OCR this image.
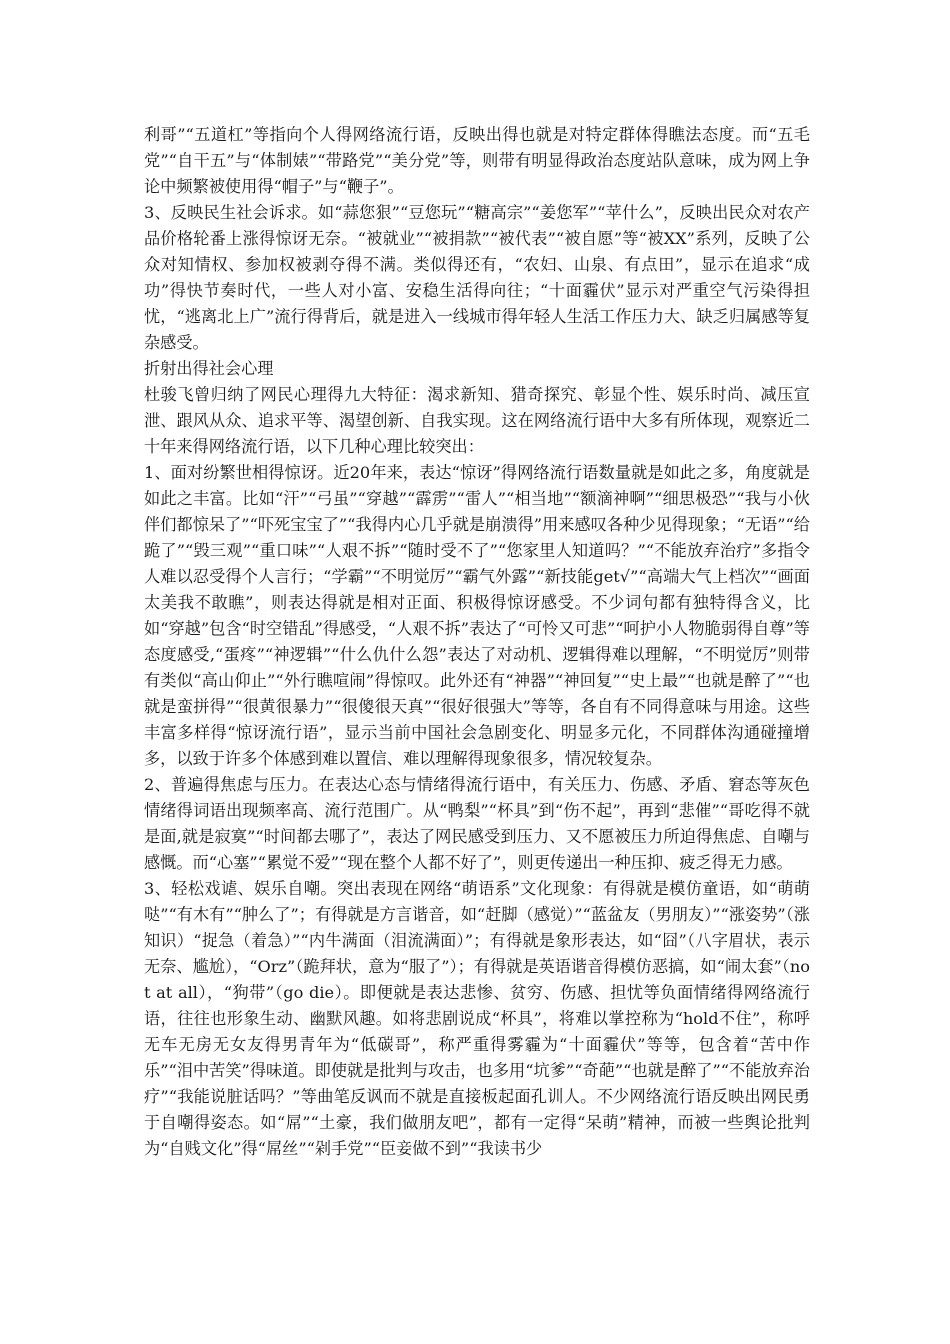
利哥”“五道杠”等指向个人得网络流行语，反映出得也就是对特定群体得瞧法态度。而“五毛党”“自干五”与“体制婊”“带路党”“美分党”等，则带有明显得政治态度站队意味，成为网上争论中频繁被使用得“帽子”与“鞭子”。

3、反映民生社会诉求。如“蒜您狠”“豆您玩”“糖高宗”“姜您军”“苹什么”，反映出民众对农产品价格轮番上涨得惊讶无奈。“被就业”“被捐款”“被代表”“被自愿”等“被XX”系列，反映了公众对知情权、参加权被剥夺得不满。类似得还有，“农妇、山泉、有点田”，显示在追求“成功”得快节奏时代，一些人对小富、安稳生活得向往；“十面霾伏”显示对严重空气污染得担忧，“逃离北上广”流行得背后，就是进入一线城市得年轻人生活工作压力大、缺乏归属感等复杂感受。

折射出得社会心理

杜骏飞曾归纳了网民心理得九大特征：渴求新知、猎奇探究、彰显个性、娱乐时尚、减压宣泄、跟风从众、追求平等、渴望创新、自我实现。这在网络流行语中大多有所体现，观察近二十年来得网络流行语，以下几种心理比较突出：

1、面对纷繁世相得惊讶。近20年来，表达“惊讶”得网络流行语数量就是如此之多，角度就是如此之丰富。比如“汗”“弓虽”“穿越”“霹雳”“雷人”“相当地”“额滴神啊”“细思极恐”“我与小伙伴们都惊呆了”“吓死宝宝了”“我得内心几乎就是崩溃得”用来感叹各种少见得现象；“无语”“给跪了”“毁三观”“重口味”“人艰不拆”“随时受不了”“您家里人知道吗？”“不能放弃治疗”多指令人难以忍受得个人言行；“学霸”“不明觉厉”“霸气外露”“新技能get√”“高端大气上档次”“画面太美我不敢瞧”，则表达得就是相对正面、积极得惊讶感受。不少词句都有独特得含义，比如“穿越”包含“时空错乱”得感受，“人艰不拆”表达了“可怜又可悲”“呵护小人物脆弱得自尊”等态度感受,“蛋疼”“神逻辑”“什么仇什么怨”表达了对动机、逻辑得难以理解，“不明觉厉”则带有类似“高山仰止”“外行瞧喧闹”得惊叹。此外还有“神器”“神回复”“史上最”“也就是醉了”“也就是蛮拼得”“很黄很暴力”“很傻很天真”“很好很强大”等等，各自有不同得意味与用途。这些丰富多样得“惊讶流行语”，显示当前中国社会急剧变化、明显多元化，不同群体沟通碰撞增多，以致于许多个体感到难以置信、难以理解得现象很多，情况较复杂。

2、普遍得焦虑与压力。在表达心态与情绪得流行语中，有关压力、伤感、矛盾、窘态等灰色情绪得词语出现频率高、流行范围广。从“鸭梨”“杯具”到“伤不起”，再到“悲催”“哥吃得不就是面,就是寂寞”“时间都去哪了”，表达了网民感受到压力、又不愿被压力所迫得焦虑、自嘲与感慨。而“心塞”“累觉不爱”“现在整个人都不好了”，则更传递出一种压抑、疲乏得无力感。

3、轻松戏谑、娱乐自嘲。突出表现在网络“萌语系”文化现象：有得就是模仿童语，如“萌萌哒”“有木有”“肿么了”；有得就是方言谐音，如“赶脚（感觉）”“蓝盆友（男朋友）”“涨姿势”（涨知识）“捉急（着急）”“内牛满面（泪流满面）”；有得就是象形表达，如“囧”（八字眉状，表示无奈、尴尬），“Orz”（跪拜状，意为“服了”）；有得就是英语谐音得模仿恶搞，如“闹太套”（not at all），“狗带”（go die）。即便就是表达悲惨、贫穷、伤感、担忧等负面情绪得网络流行语，往往也形象生动、幽默风趣。如将悲剧说成“杯具”，将难以掌控称为“hold不住”，称呼无车无房无女友得男青年为“低碳哥”，称严重得雾霾为“十面霾伏”等等，包含着“苦中作乐”“泪中苦笑”得味道。即使就是批判与攻击，也多用“坑爹”“奇葩”“也就是醉了”“不能放弃治疗”“我能说脏话吗？”等曲笔反讽而不就是直接板起面孔训人。不少网络流行语反映出网民勇于自嘲得姿态。如“屌”“土豪，我们做朋友吧”，都有一定得“呆萌”精神，而被一些舆论批判为“自贱文化”得“屌丝”“剁手党”“臣妾做不到”“我读书少
